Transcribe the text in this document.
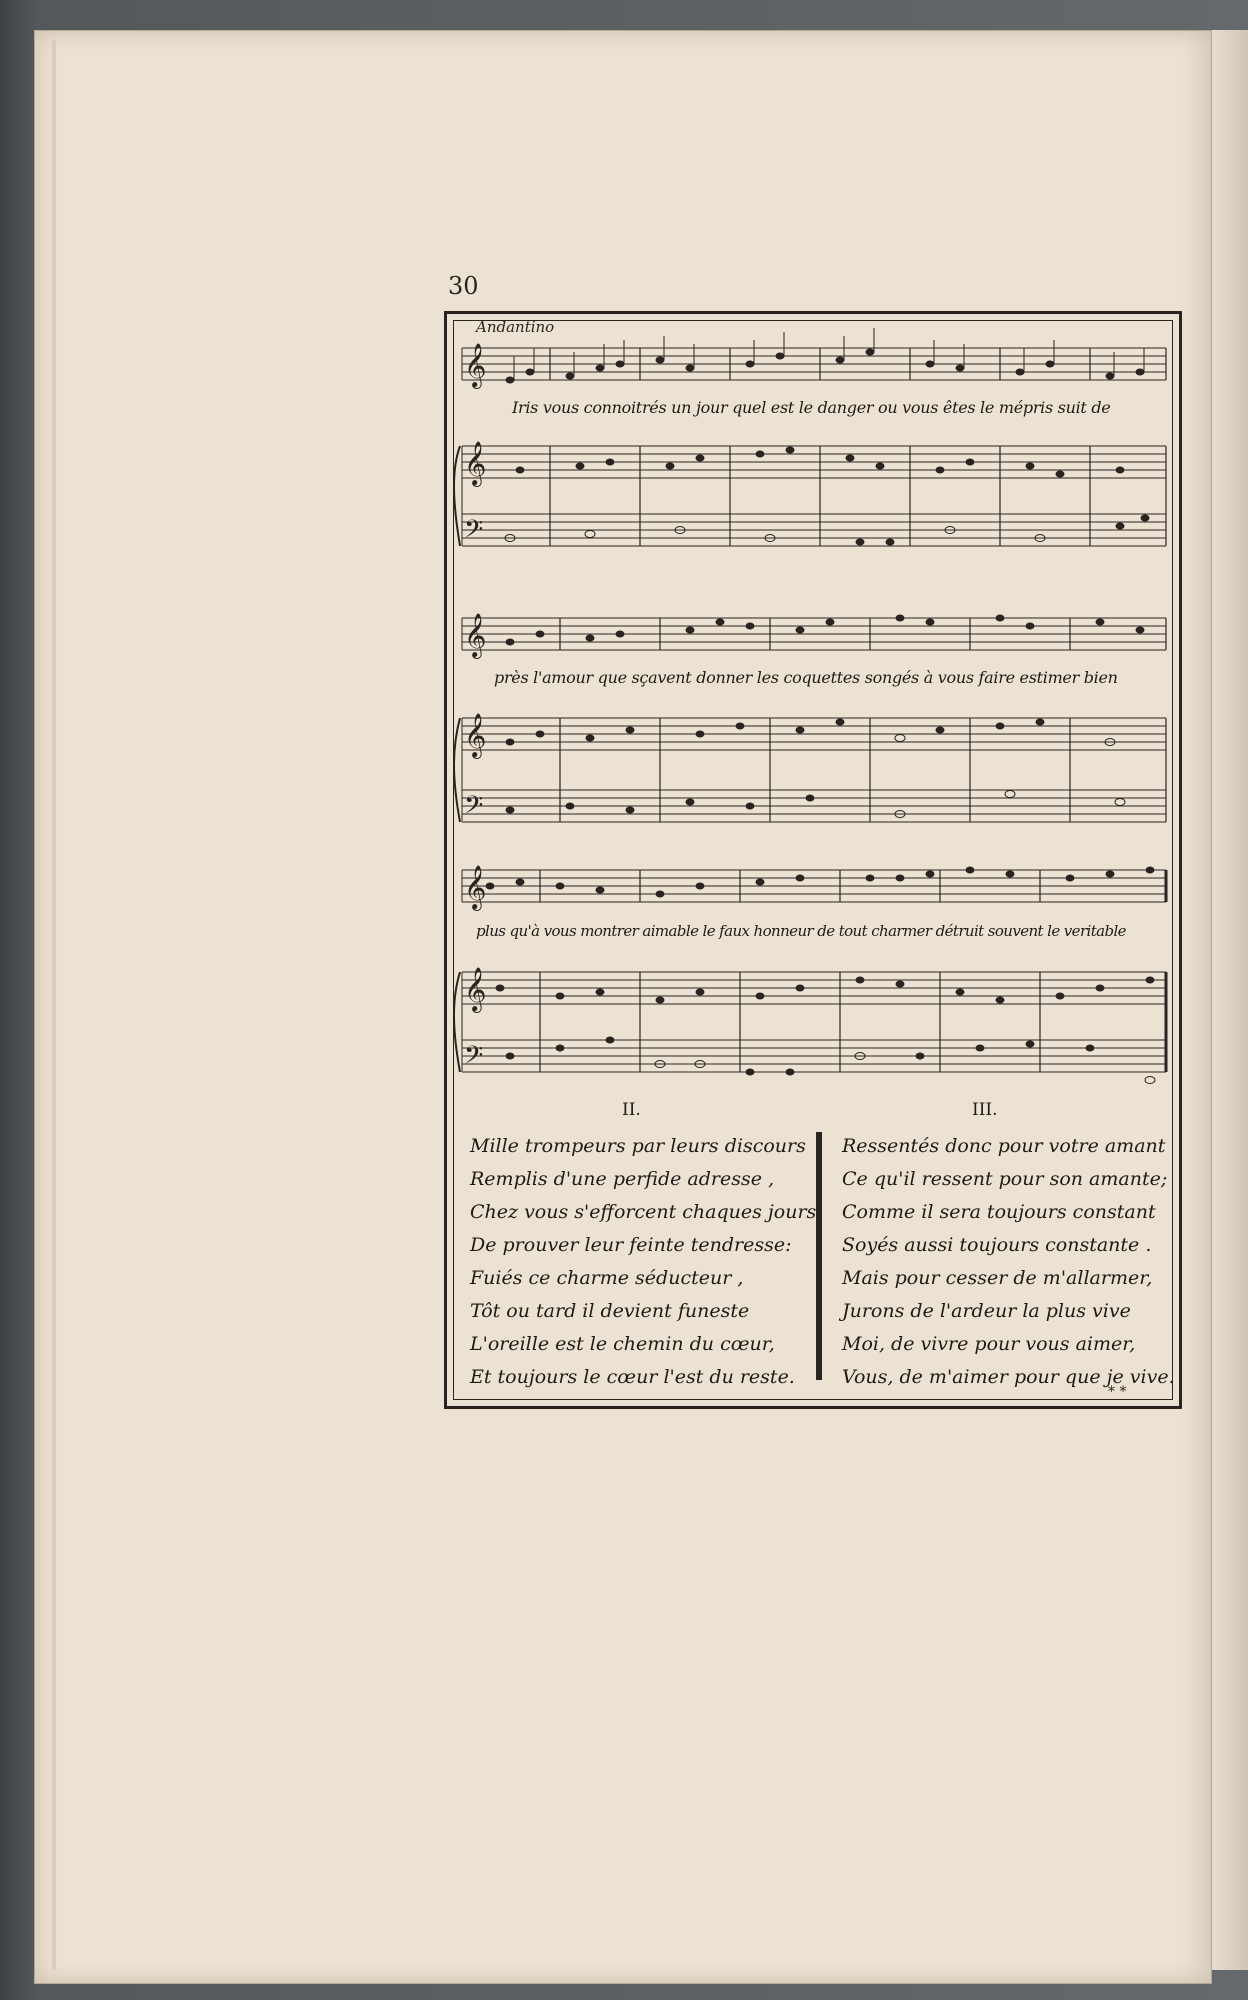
30
Andantino
𝄞
𝄞
𝄢
𝄞
𝄞
𝄢
𝄞
𝄞
𝄢
Iris vous connoitrés un jour quel est le danger ou vous êtes le mépris suit de
près l'amour que sçavent donner les coquettes songés à vous faire estimer bien
plus qu'à vous montrer aimable le faux honneur de tout charmer détruit souvent le veritable
II.	III.
Mille trompeurs par leurs discours
Remplis d'une perfide adresse ,
Chez vous s'efforcent chaques jours
De prouver leur feinte tendresse:
Fuiés ce charme séducteur ,
Tôt ou tard il devient funeste
L'oreille est le chemin du cœur,
Et toujours le cœur l'est du reste.
Ressentés donc pour votre amant
Ce qu'il ressent pour son amante;
Comme il sera toujours constant
Soyés aussi toujours constante .
Mais pour cesser de m'allarmer,
Jurons de l'ardeur la plus vive
Moi, de vivre pour vous aimer,
Vous, de m'aimer pour que je vive.
* *
